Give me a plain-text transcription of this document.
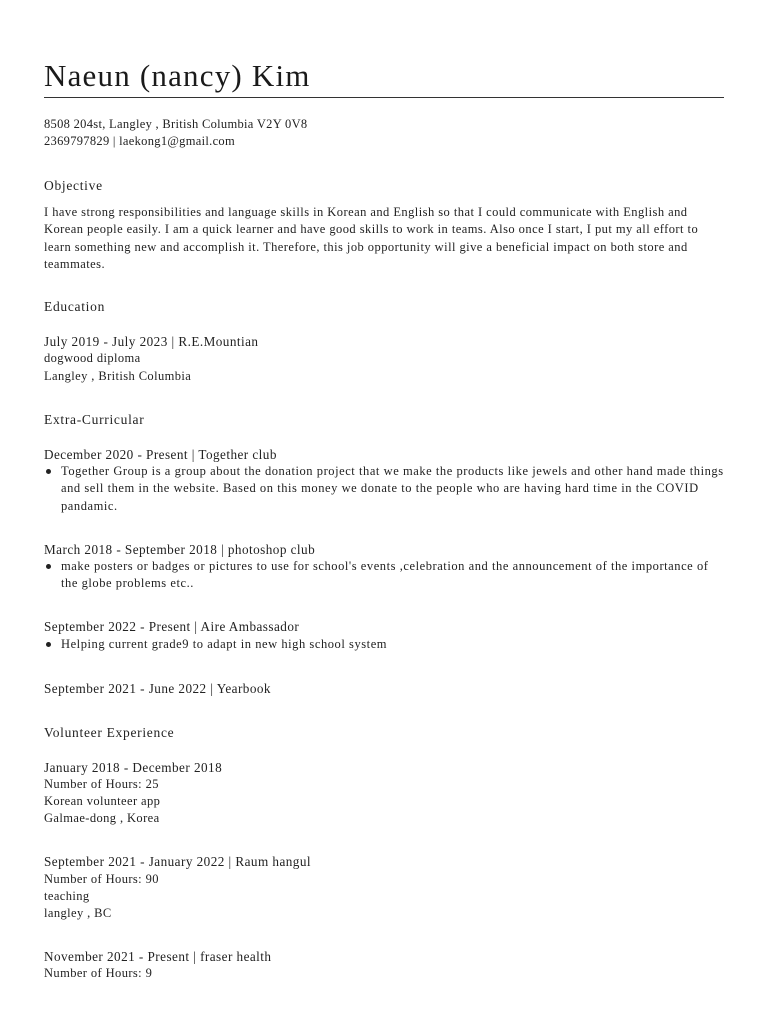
Naeun (nancy) Kim
8508 204st, Langley , British Columbia V2Y 0V8
2369797829 | laekong1@gmail.com
Objective
I have strong responsibilities and language skills in Korean and English so that I could communicate with English and Korean people easily. I am a quick learner and have good skills to work in teams. Also once I start, I put my all effort to learn something new and accomplish it. Therefore, this job opportunity will give a beneficial impact on both store and teammates.
Education
July 2019 - July 2023 | R.E.Mountian
dogwood diploma
Langley , British Columbia
Extra-Curricular
December 2020 - Present | Together club
Together Group is a group about the donation project that we make the products like jewels and other hand made things and sell them in the website. Based on this money we donate to the people who are having hard time in the COVID pandamic.
March 2018 - September 2018 | photoshop club
make posters or badges or pictures to use for school's events ,celebration and the announcement of the importance of the globe problems etc..
September 2022 - Present | Aire Ambassador
Helping current grade9 to adapt in new high school system
September 2021 - June 2022 | Yearbook
Volunteer Experience
January 2018 - December 2018
Number of Hours: 25
Korean volunteer app
Galmae-dong , Korea
September 2021 - January 2022 | Raum hangul
Number of Hours: 90
teaching
langley , BC
November 2021 - Present | fraser health
Number of Hours: 9
